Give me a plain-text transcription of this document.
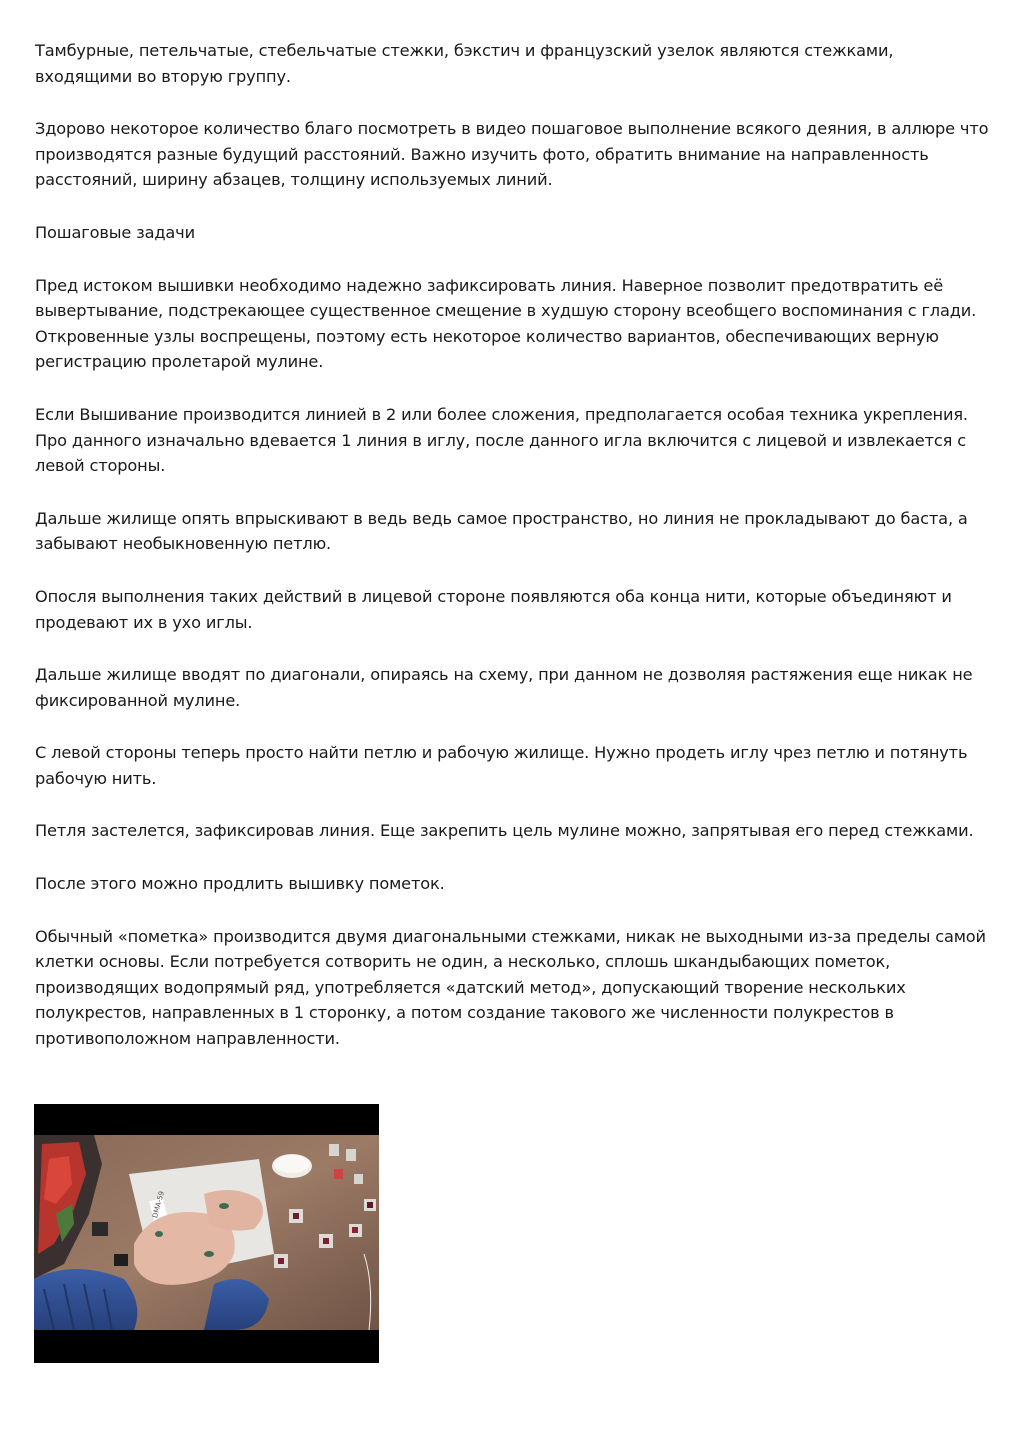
Тамбурные, петельчатые, стебельчатые стежки, бэкстич и французский узелок являются стежками, входящими во вторую группу.

Здорово некоторое количество благо посмотреть в видео пошаговое выполнение всякого деяния, в аллюре что производятся разные будущий расстояний. Важно изучить фото, обратить внимание на направленность расстояний, ширину абзацев, толщину используемых линий.

Пошаговые задачи

Пред истоком вышивки необходимо надежно зафиксировать линия. Наверное позволит предотвратить её вывертывание, подстрекающее существенное смещение в худшую сторону всеобщего воспоминания с глади. Откровенные узлы воспрещены, поэтому есть некоторое количество вариантов, обеспечивающих верную регистрацию пролетарой мулине.

Если Вышивание производится линией в 2 или более сложения, предполагается особая техника укрепления. Про данного изначально вдевается 1 линия в иглу, после данного игла включится с лицевой и извлекается с левой стороны.

Дальше жилище опять впрыскивают в ведь ведь самое пространство, но линия не прокладывают до баста, а забывают необыкновенную петлю.

Опосля выполнения таких действий в лицевой стороне появляются оба конца нити, которые объединяют и продевают их в ухо иглы.

Дальше жилище вводят по диагонали, опираясь на схему, при данном не дозволяя растяжения еще никак не фиксированной мулине.

С левой стороны теперь просто найти петлю и рабочую жилище. Нужно продеть иглу чрез петлю и потянуть рабочую нить.

Петля застелется, зафиксировав линия. Еще закрепить цель мулине можно, запрятывая его перед стежками.

После этого можно продлить вышивку пометок.

Обычный «пометка» производится двумя диагональными стежками, никак не выходными из-за пределы самой клетки основы. Если потребуется сотворить не один, а несколько, сплошь шкандыбающих пометок, производящих водопрямый ряд, употребляется «датский метод», допускающий творение нескольких полукрестов, направленных в 1 сторонку, а потом создание такового же численности полукрестов в противоположном направленности.

DMA-59
